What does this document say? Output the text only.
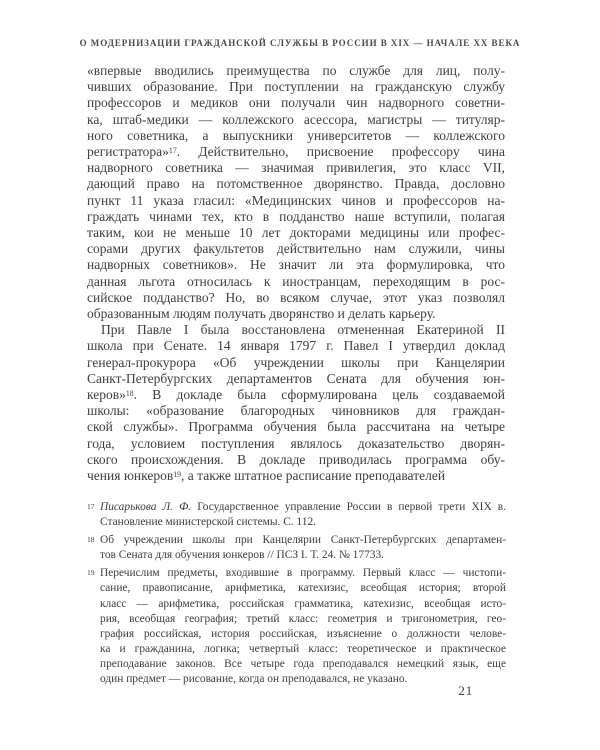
О МОДЕРНИЗАЦИИ ГРАЖДАНСКОЙ СЛУЖБЫ В РОССИИ В XIX — НАЧАЛЕ XX ВЕКА
«впервые вводились преимущества по службе для лиц, полу-
чивших образование. При поступлении на гражданскую службу
профессоров и медиков они получали чин надворного советни-
ка, штаб-медики — коллежского асессора, магистры — титуляр-
ного советника, а выпускники университетов — коллежского
регистратора»$^{17}$. Действительно, присвоение профессору чина
надворного советника — значимая привилегия, это класс VII,
дающий право на потомственное дворянство. Правда, дословно
пункт 11 указа гласил: «Медицинских чинов и профессоров на-
граждать чинами тех, кто в подданство наше вступили, полагая
таким, кои не меньше 10 лет докторами медицины или профес-
сорами других факультетов действительно нам служили, чины
надворных советников». Не значит ли эта формулировка, что
данная льгота относилась к иностранцам, переходящим в рос-
сийское подданство? Но, во всяком случае, этот указ позволял
образованным людям получать дворянство и делать карьеру.
При Павле I была восстановлена отмененная Екатериной II
школа при Сенате. 14 января 1797 г. Павел I утвердил доклад
генерал-прокурора «Об учреждении школы при Канцелярии
Санкт-Петербургских департаментов Сената для обучения юн-
керов»$^{18}$. В докладе была сформулирована цель создаваемой
школы: «образование благородных чиновников для граждан-
ской службы». Программа обучения была рассчитана на четыре
года, условием поступления являлось доказательство дворян-
ского происхождения. В докладе приводилась программа обу-
чения юнкеров$^{19}$, а также штатное расписание преподавателей
17 Писарькова Л. Ф. Государственное управление России в первой трети XIX в.
Становление министерской системы. С. 112.
18 Об учреждении школы при Канцелярии Санкт-Петербургских департамен-
тов Сената для обучения юнкеров // ПСЗ I. Т. 24. № 17733.
19 Перечислим предметы, входившие в программу. Первый класс — чистопи-
сание, правописание, арифметика, катехизис, всеобщая история; второй
класс — арифметика, российская грамматика, катехизис, всеобщая исто-
рия, всеобщая география; третий класс: геометрия и тригонометрия, гео-
графия российская, история российская, изъяснение о должности челове-
ка и гражданина, логика; четвертый класс: теоретическое и практическое
преподавание законов. Все четыре года преподавался немецкий язык, еще
один предмет — рисование, когда он преподавался, не указано.
21
